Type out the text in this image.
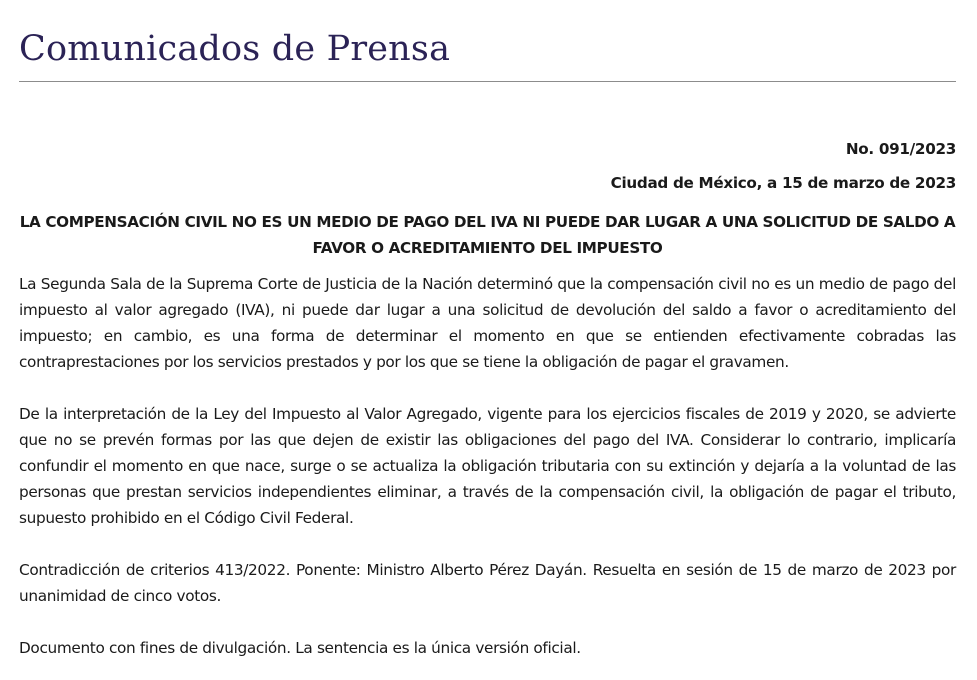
Comunicados de Prensa
No. 091/2023
Ciudad de México, a 15 de marzo de 2023

LA COMPENSACIÓN CIVIL NO ES UN MEDIO DE PAGO DEL IVA NI PUEDE DAR LUGAR A UNA SOLICITUD DE SALDO A FAVOR O ACREDITAMIENTO DEL IMPUESTO

La Segunda Sala de la Suprema Corte de Justicia de la Nación determinó que la compensación civil no es un medio de pago del impuesto al valor agregado (IVA), ni puede dar lugar a una solicitud de devolución del saldo a favor o acreditamiento del impuesto; en cambio, es una forma de determinar el momento en que se entienden efectivamente cobradas las contraprestaciones por los servicios prestados y por los que se tiene la obligación de pagar el gravamen.

De la interpretación de la Ley del Impuesto al Valor Agregado, vigente para los ejercicios fiscales de 2019 y 2020, se advierte que no se prevén formas por las que dejen de existir las obligaciones del pago del IVA. Considerar lo contrario, implicaría confundir el momento en que nace, surge o se actualiza la obligación tributaria con su extinción y dejaría a la voluntad de las personas que prestan servicios independientes eliminar, a través de la compensación civil, la obligación de pagar el tributo, supuesto prohibido en el Código Civil Federal.

Contradicción de criterios 413/2022. Ponente: Ministro Alberto Pérez Dayán. Resuelta en sesión de 15 de marzo de 2023 por unanimidad de cinco votos.

Documento con fines de divulgación. La sentencia es la única versión oficial.
